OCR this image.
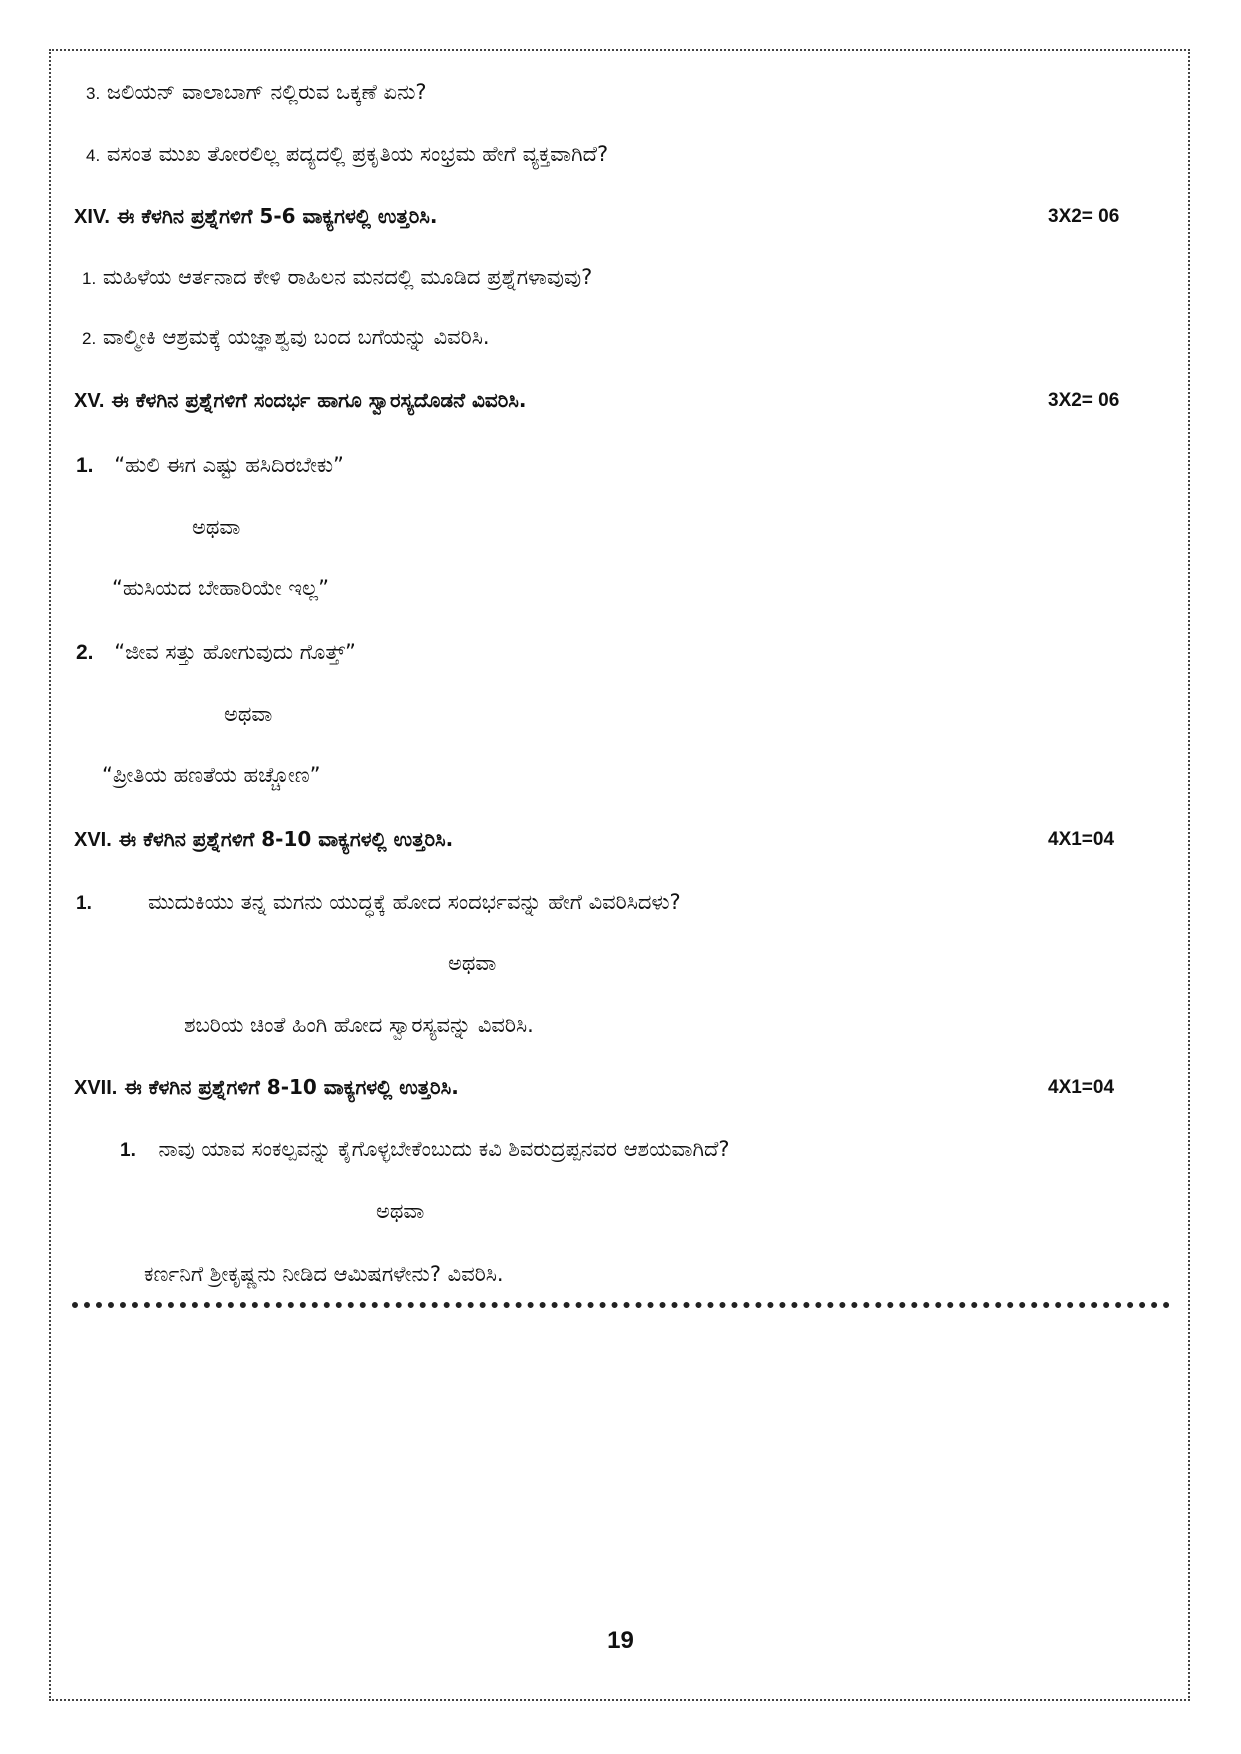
3. ಜಲಿಯನ್ ವಾಲಾಬಾಗ್ ನಲ್ಲಿರುವ ಒಕ್ಕಣೆ ಏನು?
4. ವಸಂತ ಮುಖ ತೋರಲಿಲ್ಲ ಪದ್ಯದಲ್ಲಿ ಪ್ರಕೃತಿಯ ಸಂಭ್ರಮ ಹೇಗೆ ವ್ಯಕ್ತವಾಗಿದೆ?
XIV. ಈ ಕೆಳಗಿನ ಪ್ರಶ್ನೆಗಳಿಗೆ 5-6 ವಾಕ್ಯಗಳಲ್ಲಿ ಉತ್ತರಿಸಿ.	3X2= 06
1. ಮಹಿಳೆಯ ಆರ್ತನಾದ ಕೇಳಿ ರಾಹಿಲನ ಮನದಲ್ಲಿ ಮೂಡಿದ ಪ್ರಶ್ನೆಗಳಾವುವು?
2. ವಾಲ್ಮೀಕಿ ಆಶ್ರಮಕ್ಕೆ ಯಜ್ಞಾಶ್ವವು ಬಂದ ಬಗೆಯನ್ನು ವಿವರಿಸಿ.
XV. ಈ ಕೆಳಗಿನ ಪ್ರಶ್ನೆಗಳಿಗೆ ಸಂದರ್ಭ ಹಾಗೂ ಸ್ವಾರಸ್ಯದೊಡನೆ ವಿವರಿಸಿ.	3X2= 06
1. “ಹುಲಿ ಈಗ ಎಷ್ಟು ಹಸಿದಿರಬೇಕು”
ಅಥವಾ
“ಹುಸಿಯದ ಬೇಹಾರಿಯೇ ಇಲ್ಲ”
2. “ಜೀವ ಸತ್ತು ಹೋಗುವುದು ಗೊತ್ತ್”
ಅಥವಾ
“ಪ್ರೀತಿಯ ಹಣತೆಯ ಹಚ್ಚೋಣ”
XVI. ಈ ಕೆಳಗಿನ ಪ್ರಶ್ನೆಗಳಿಗೆ 8-10 ವಾಕ್ಯಗಳಲ್ಲಿ ಉತ್ತರಿಸಿ.	4X1=04
1.	ಮುದುಕಿಯು ತನ್ನ ಮಗನು ಯುದ್ಧಕ್ಕೆ ಹೋದ ಸಂದರ್ಭವನ್ನು ಹೇಗೆ ವಿವರಿಸಿದಳು?
ಅಥವಾ
ಶಬರಿಯ ಚಿಂತೆ ಹಿಂಗಿ ಹೋದ ಸ್ವಾರಸ್ಯವನ್ನು ವಿವರಿಸಿ.
XVII. ಈ ಕೆಳಗಿನ ಪ್ರಶ್ನೆಗಳಿಗೆ 8-10 ವಾಕ್ಯಗಳಲ್ಲಿ ಉತ್ತರಿಸಿ.	4X1=04
1. ನಾವು ಯಾವ ಸಂಕಲ್ಪವನ್ನು ಕೈಗೊಳ್ಳಬೇಕೆಂಬುದು ಕವಿ ಶಿವರುದ್ರಪ್ಪನವರ ಆಶಯವಾಗಿದೆ?
ಅಥವಾ
ಕರ್ಣನಿಗೆ ಶ್ರೀಕೃಷ್ಣನು ನೀಡಿದ ಆಮಿಷಗಳೇನು? ವಿವರಿಸಿ.
19
